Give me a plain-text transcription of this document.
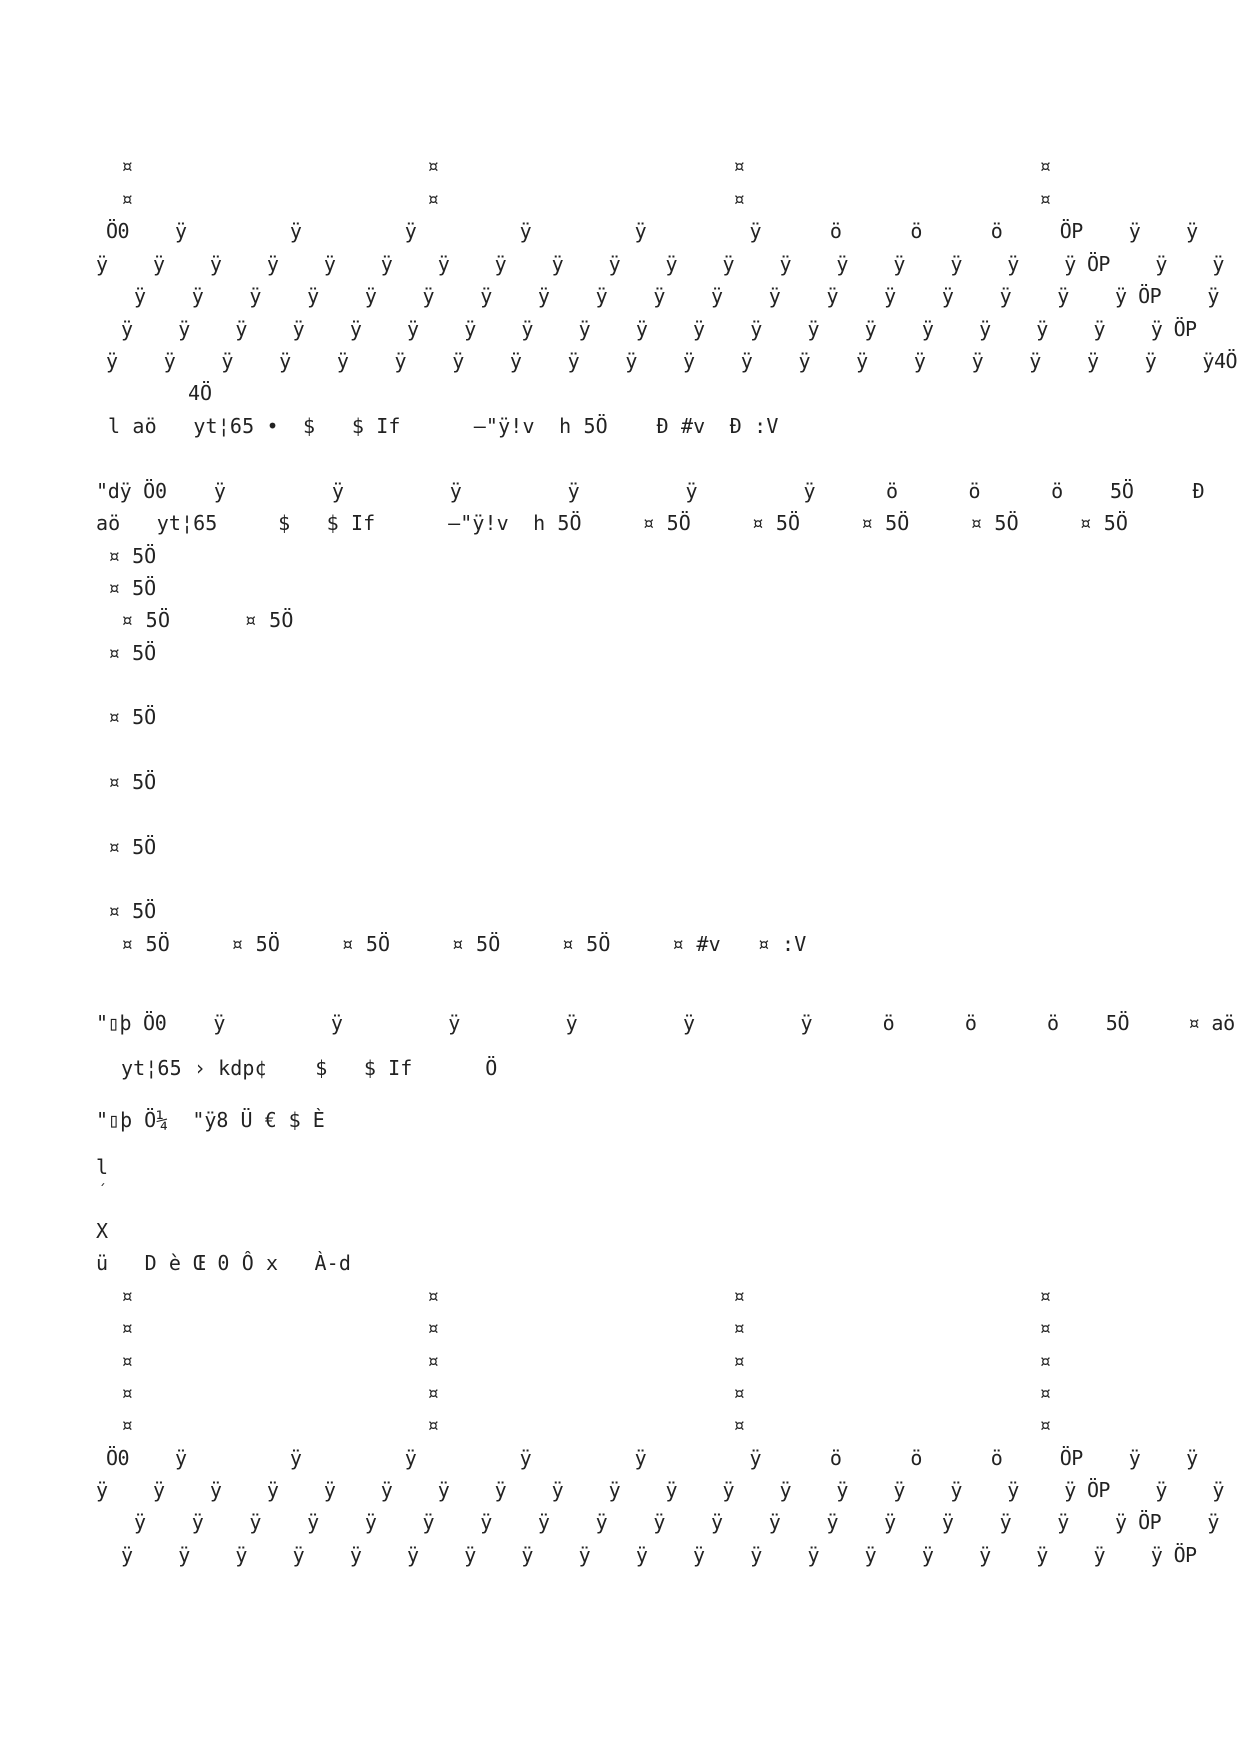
¤                        ¤                        ¤                        ¤
¤                        ¤                        ¤                        ¤
Ö0    ÿ         ÿ         ÿ         ÿ         ÿ         ÿ      ö      ö      ö     ÖP    ÿ    ÿ
ÿ    ÿ    ÿ    ÿ    ÿ    ÿ    ÿ    ÿ    ÿ    ÿ    ÿ    ÿ    ÿ    ÿ    ÿ    ÿ    ÿ    ÿ ÖP    ÿ    ÿ
ÿ    ÿ    ÿ    ÿ    ÿ    ÿ    ÿ    ÿ    ÿ    ÿ    ÿ    ÿ    ÿ    ÿ    ÿ    ÿ    ÿ    ÿ ÖP    ÿ
ÿ    ÿ    ÿ    ÿ    ÿ    ÿ    ÿ    ÿ    ÿ    ÿ    ÿ    ÿ    ÿ    ÿ    ÿ    ÿ    ÿ    ÿ    ÿ ÖP
ÿ    ÿ    ÿ    ÿ    ÿ    ÿ    ÿ    ÿ    ÿ    ÿ    ÿ    ÿ    ÿ    ÿ    ÿ    ÿ    ÿ    ÿ    ÿ    ÿ4Ö
4Ö
l aö   yt¦65 •  $   $ If      –"ÿ!v  h 5Ö    Ð #v  Ð :V
"dÿ Ö0    ÿ         ÿ         ÿ         ÿ         ÿ         ÿ      ö      ö      ö    5Ö     Ð
aö   yt¦65     $   $ If      –"ÿ!v  h 5Ö     ¤ 5Ö     ¤ 5Ö     ¤ 5Ö     ¤ 5Ö     ¤ 5Ö
¤ 5Ö
¤ 5Ö
¤ 5Ö      ¤ 5Ö
¤ 5Ö
¤ 5Ö
¤ 5Ö
¤ 5Ö
¤ 5Ö
¤ 5Ö     ¤ 5Ö     ¤ 5Ö     ¤ 5Ö     ¤ 5Ö     ¤ #v   ¤ :V
"▯þ Ö0    ÿ         ÿ         ÿ         ÿ         ÿ         ÿ      ö      ö      ö    5Ö     ¤ aö
yt¦65 › kdp¢    $   $ If      Ö
"▯þ Ö¼  "ÿ8 Ü € $ È
l
´
X
ü   D è Œ 0 Ô x   À-d
¤                        ¤                        ¤                        ¤
¤                        ¤                        ¤                        ¤
¤                        ¤                        ¤                        ¤
¤                        ¤                        ¤                        ¤
¤                        ¤                        ¤                        ¤
Ö0    ÿ         ÿ         ÿ         ÿ         ÿ         ÿ      ö      ö      ö     ÖP    ÿ    ÿ
ÿ    ÿ    ÿ    ÿ    ÿ    ÿ    ÿ    ÿ    ÿ    ÿ    ÿ    ÿ    ÿ    ÿ    ÿ    ÿ    ÿ    ÿ ÖP    ÿ    ÿ
ÿ    ÿ    ÿ    ÿ    ÿ    ÿ    ÿ    ÿ    ÿ    ÿ    ÿ    ÿ    ÿ    ÿ    ÿ    ÿ    ÿ    ÿ ÖP    ÿ
ÿ    ÿ    ÿ    ÿ    ÿ    ÿ    ÿ    ÿ    ÿ    ÿ    ÿ    ÿ    ÿ    ÿ    ÿ    ÿ    ÿ    ÿ    ÿ ÖP
